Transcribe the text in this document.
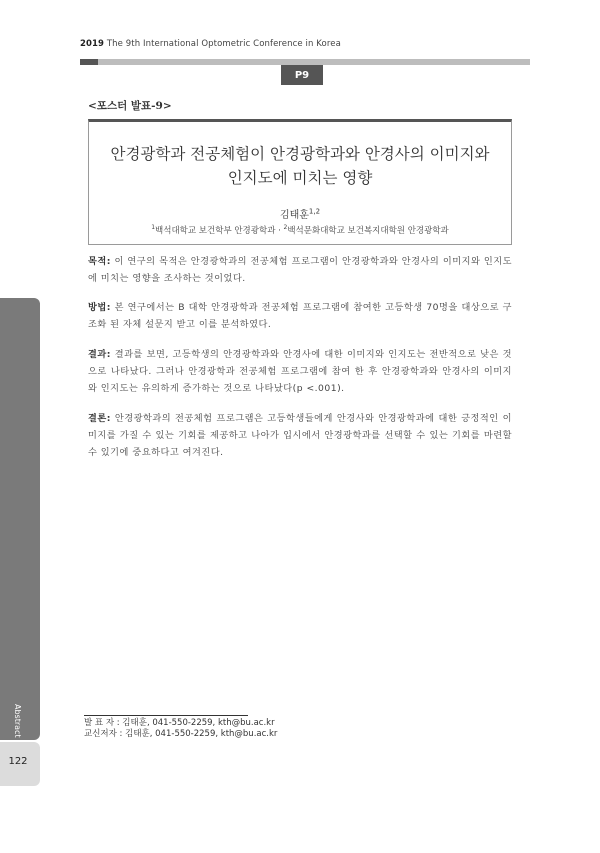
2019 The 9th International Optometric Conference in Korea
P9
<포스터 발표-9>
안경광학과 전공체험이 안경광학과와 안경사의 이미지와
인지도에 미치는 영향
김태훈$^{1,2}$
$^1$백석대학교 보건학부 안경광학과 · $^2$백석문화대학교 보건복지대학원 안경광학과
목적: 이 연구의 목적은 안경광학과의 전공체험 프로그램이 안경광학과와 안경사의 이미지와 인지도에 미치는 영향을 조사하는 것이었다.
방법: 본 연구에서는 B 대학 안경광학과 전공체험 프로그램에 참여한 고등학생 70명을 대상으로 구조화 된 자체 설문지 받고 이를 분석하였다.
결과: 결과를 보면, 고등학생의 안경광학과와 안경사에 대한 이미지와 인지도는 전반적으로 낮은 것으로 나타났다. 그러나 안경광학과 전공체험 프로그램에 참여 한 후 안경광학과와 안경사의 이미지와 인지도는 유의하게 증가하는 것으로 나타났다(p <.001).
결론: 안경광학과의 전공체험 프로그램은 고등학생들에게 안경사와 안경광학과에 대한 긍정적인 이미지를 가질 수 있는 기회를 제공하고 나아가 입시에서 안경광학과를 선택할 수 있는 기회를 마련할 수 있기에 중요하다고 여겨진다.
Abstract
122
발 표 자 : 김태훈, 041-550-2259, kth@bu.ac.kr
교신저자 : 김태훈, 041-550-2259, kth@bu.ac.kr
